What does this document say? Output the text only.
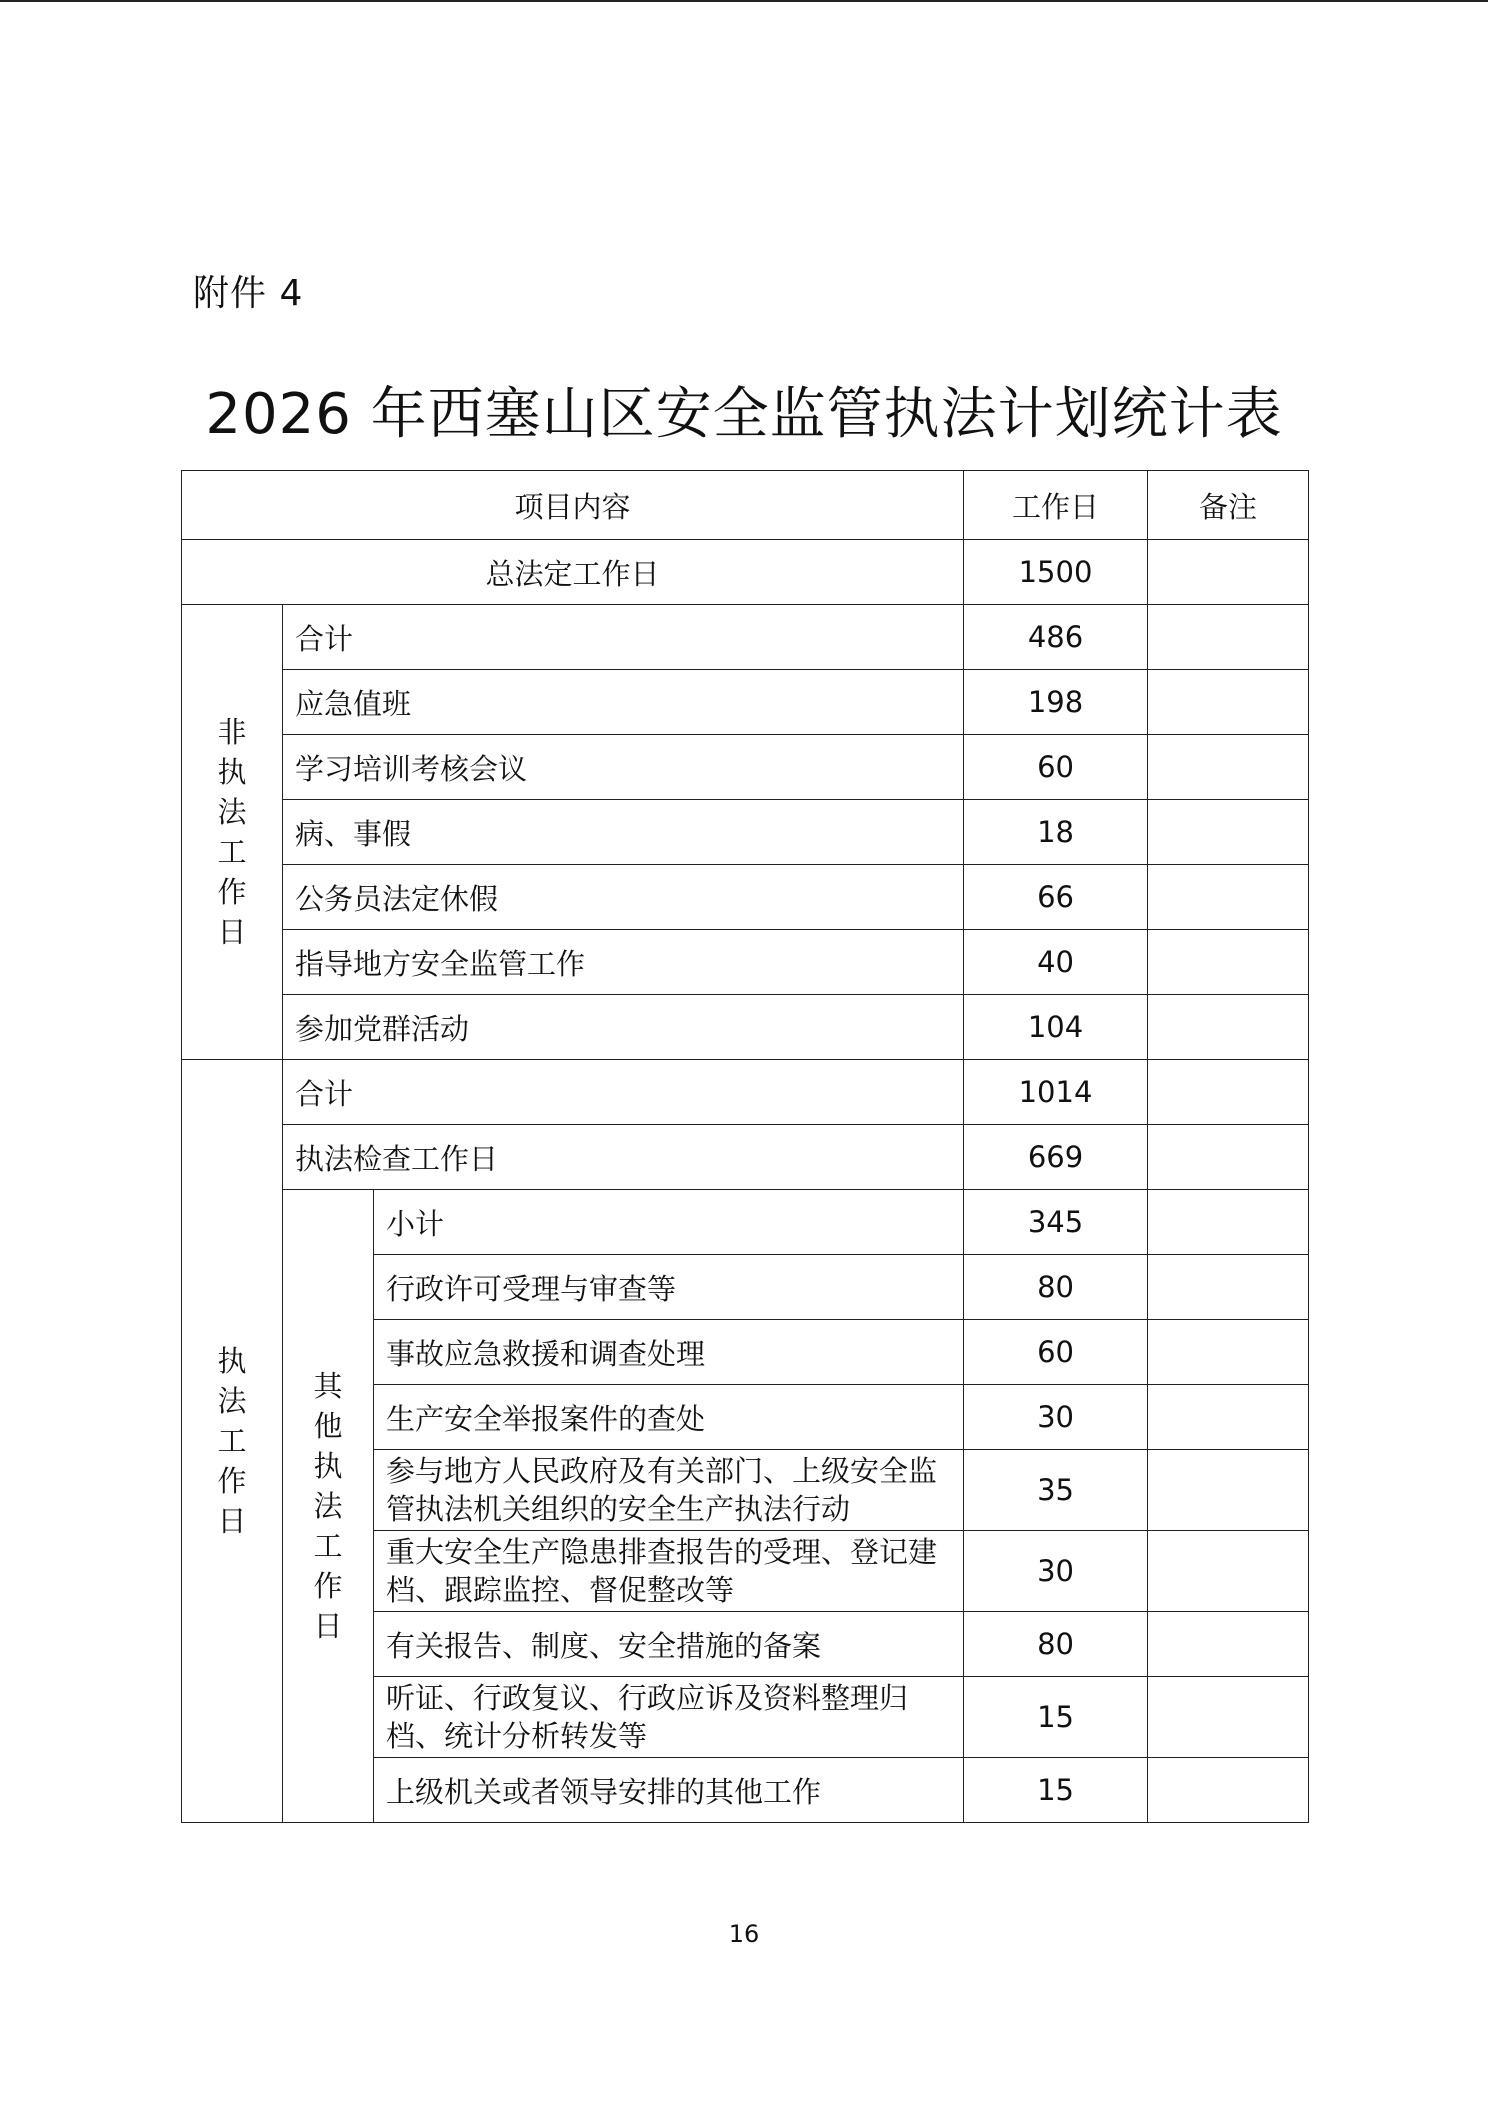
附件 4
2026 年西塞山区安全监管执法计划统计表
项目内容			工作日	备注
总法定工作日			1500	

非执法工作日	合计		486	
	应急值班		198	
	学习培训考核会议		60	
	病、事假		18	
	公务员法定休假		66	
	指导地方安全监管工作		40	
	参加党群活动		104	

执法工作日	合计		1014	
	执法检查工作日		669	

	其他执法工作日	小计	345	
		行政许可受理与审查等	80	
		事故应急救援和调查处理	60	
		生产安全举报案件的查处	30	
		参与地方人民政府及有关部门、上级安全监管执法机关组织的安全生产执法行动	35	
		重大安全生产隐患排查报告的受理、登记建档、跟踪监控、督促整改等	30	
		有关报告、制度、安全措施的备案	80	
		听证、行政复议、行政应诉及资料整理归档、统计分析转发等	15	
		上级机关或者领导安排的其他工作	15	
16
